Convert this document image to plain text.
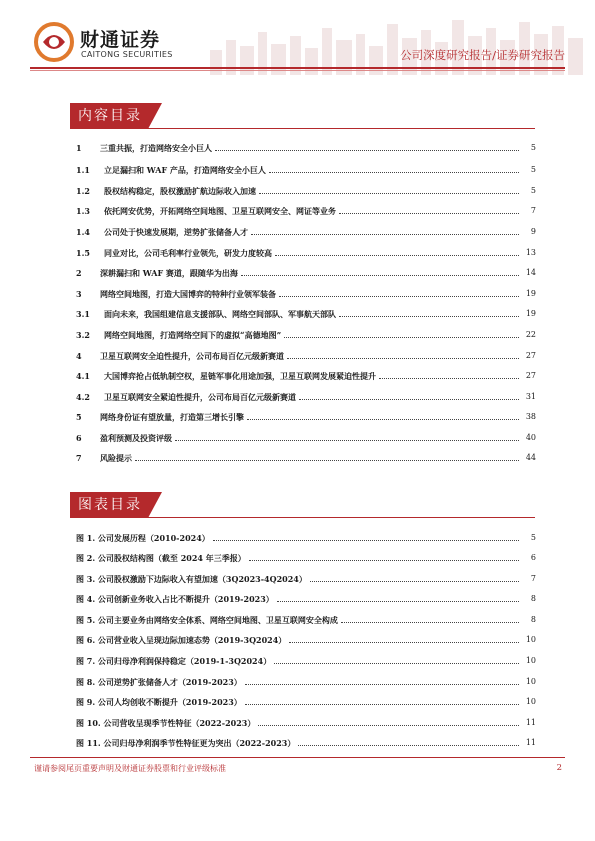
财通证券
CAITONG SECURITIES	公司深度研究报告/证券研究报告
内容目录
1	三重共振，打造网络安全小巨人	5
1.1	立足漏扫和 WAF 产品，打造网络安全小巨人	5
1.2	股权结构稳定，股权激励扩航边际收入加速	5
1.3	依托网安优势，开拓网络空间地图、卫星互联网安全、网证等业务	7
1.4	公司处于快速发展期，逆势扩张储备人才	9
1.5	同业对比，公司毛利率行业领先，研发力度较高	13
2	深耕漏扫和 WAF 赛道，跟随华为出海	14
3	网络空间地图，打造大国博弈的特种行业领军装备	19
3.1	面向未来，我国组建信息支援部队、网络空间部队、军事航天部队	19
3.2	网络空间地图，打造网络空间下的虚拟“高德地图”	22
4	卫星互联网安全迫性提升，公司布局百亿元级新赛道	27
4.1	大国博弈抢占低轨制空权，星链军事化用途加强，卫星互联网发展紧迫性提升	27
4.2	卫星互联网安全紧迫性提升，公司布局百亿元级新赛道	31
5	网络身份证有望放量，打造第三增长引擎	38
6	盈利预测及投资评级	40
7	风险提示	44
图表目录
图 1. 公司发展历程（2010-2024）	5
图 2. 公司股权结构图（截至 2024 年三季报）	6
图 3. 公司股权激励下边际收入有望加速（3Q2023-4Q2024）	7
图 4. 公司创新业务收入占比不断提升（2019-2023）	8
图 5. 公司主要业务由网络安全体系、网络空间地图、卫星互联网安全构成	8
图 6. 公司营业收入呈现边际加速态势（2019-3Q2024）	10
图 7. 公司归母净利润保持稳定（2019-1-3Q2024）	10
图 8. 公司逆势扩张储备人才（2019-2023）	10
图 9. 公司人均创收不断提升（2019-2023）	10
图 10. 公司营收呈现季节性特征（2022-2023）	11
图 11. 公司归母净利润季节性特征更为突出（2022-2023）	11
谨请参阅尾页重要声明及财通证券股票和行业评级标准	2
